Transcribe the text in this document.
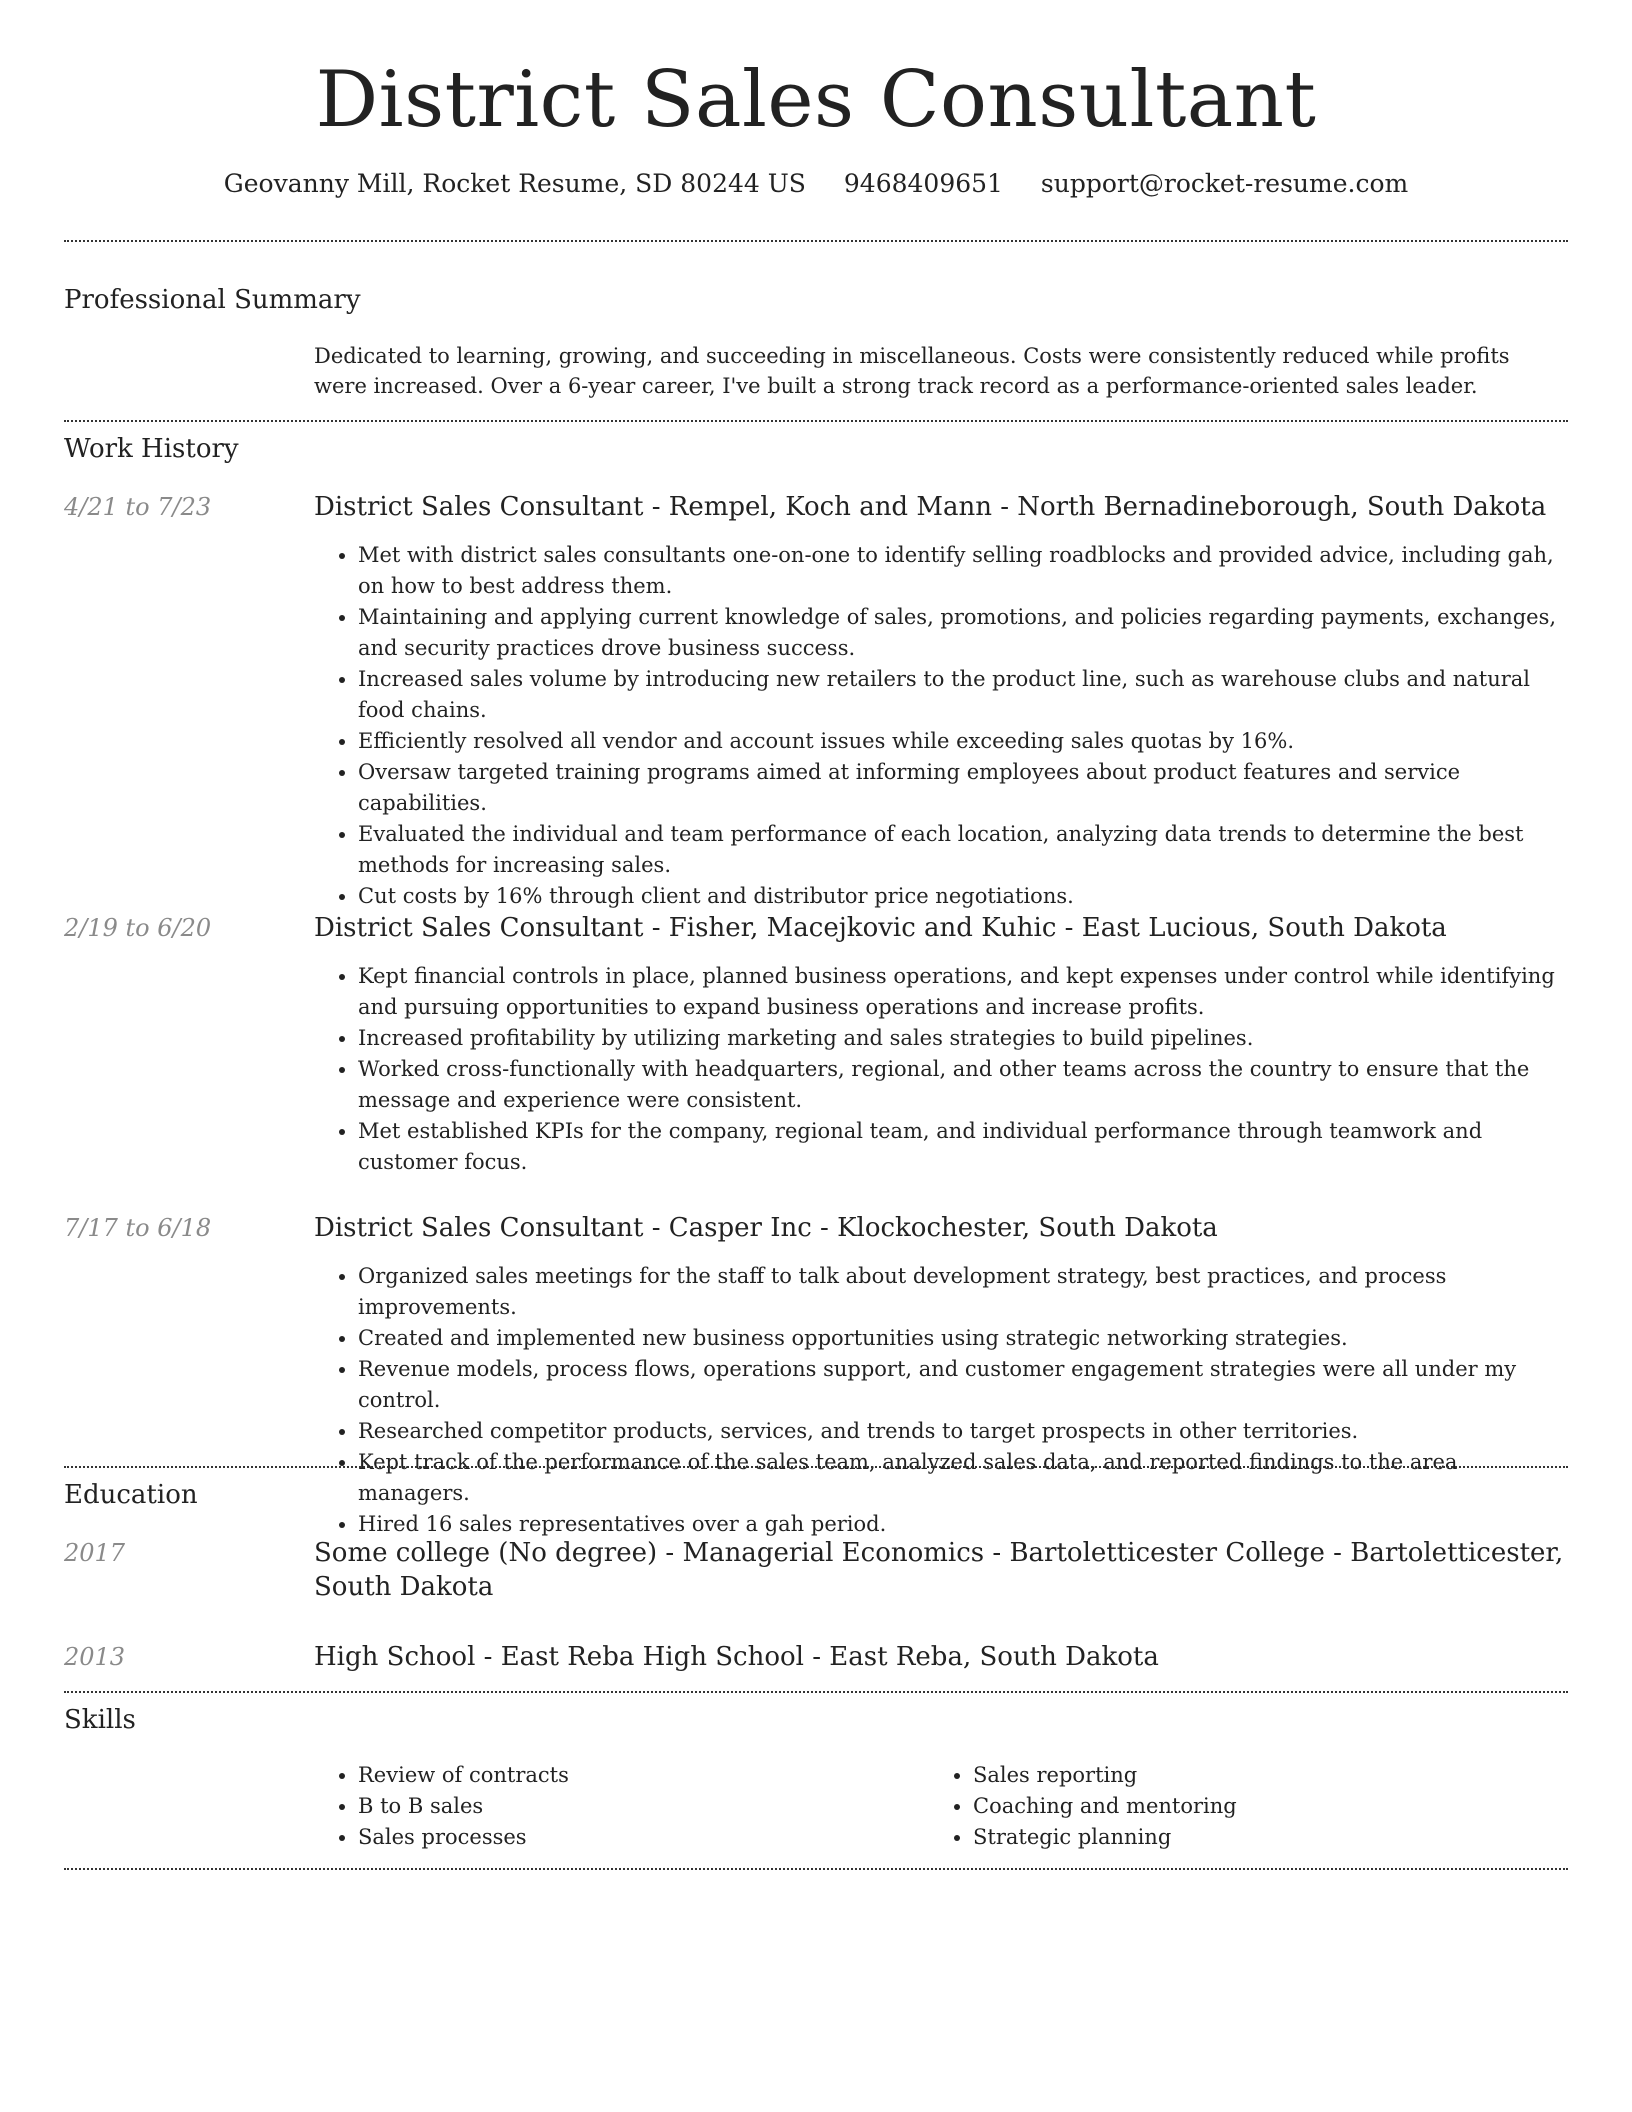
District Sales Consultant
Geovanny Mill, Rocket Resume, SD 80244 US 9468409651 support@rocket-resume.com
Professional Summary
Dedicated to learning, growing, and succeeding in miscellaneous. Costs were consistently reduced while profits were increased. Over a 6-year career, I've built a strong track record as a performance-oriented sales leader.
Work History
4/21 to 7/23	District Sales Consultant - Rempel, Koch and Mann - North Bernadineborough, South Dakota
• Met with district sales consultants one-on-one to identify selling roadblocks and provided advice, including gah, on how to best address them.
• Maintaining and applying current knowledge of sales, promotions, and policies regarding payments, exchanges, and security practices drove business success.
• Increased sales volume by introducing new retailers to the product line, such as warehouse clubs and natural food chains.
• Efficiently resolved all vendor and account issues while exceeding sales quotas by 16%.
• Oversaw targeted training programs aimed at informing employees about product features and service capabilities.
• Evaluated the individual and team performance of each location, analyzing data trends to determine the best methods for increasing sales.
• Cut costs by 16% through client and distributor price negotiations.
2/19 to 6/20	District Sales Consultant - Fisher, Macejkovic and Kuhic - East Lucious, South Dakota
• Kept financial controls in place, planned business operations, and kept expenses under control while identifying and pursuing opportunities to expand business operations and increase profits.
• Increased profitability by utilizing marketing and sales strategies to build pipelines.
• Worked cross-functionally with headquarters, regional, and other teams across the country to ensure that the message and experience were consistent.
• Met established KPIs for the company, regional team, and individual performance through teamwork and customer focus.
7/17 to 6/18	District Sales Consultant - Casper Inc - Klockochester, South Dakota
• Organized sales meetings for the staff to talk about development strategy, best practices, and process improvements.
• Created and implemented new business opportunities using strategic networking strategies.
• Revenue models, process flows, operations support, and customer engagement strategies were all under my control.
• Researched competitor products, services, and trends to target prospects in other territories.
• Kept track of the performance of the sales team, analyzed sales data, and reported findings to the area managers.
• Hired 16 sales representatives over a gah period.
Education
2017	Some college (No degree) - Managerial Economics - Bartoletticester College - Bartoletticester, South Dakota
2013	High School - East Reba High School - East Reba, South Dakota
Skills
• Review of contracts
• B to B sales
• Sales processes
• Sales reporting
• Coaching and mentoring
• Strategic planning
